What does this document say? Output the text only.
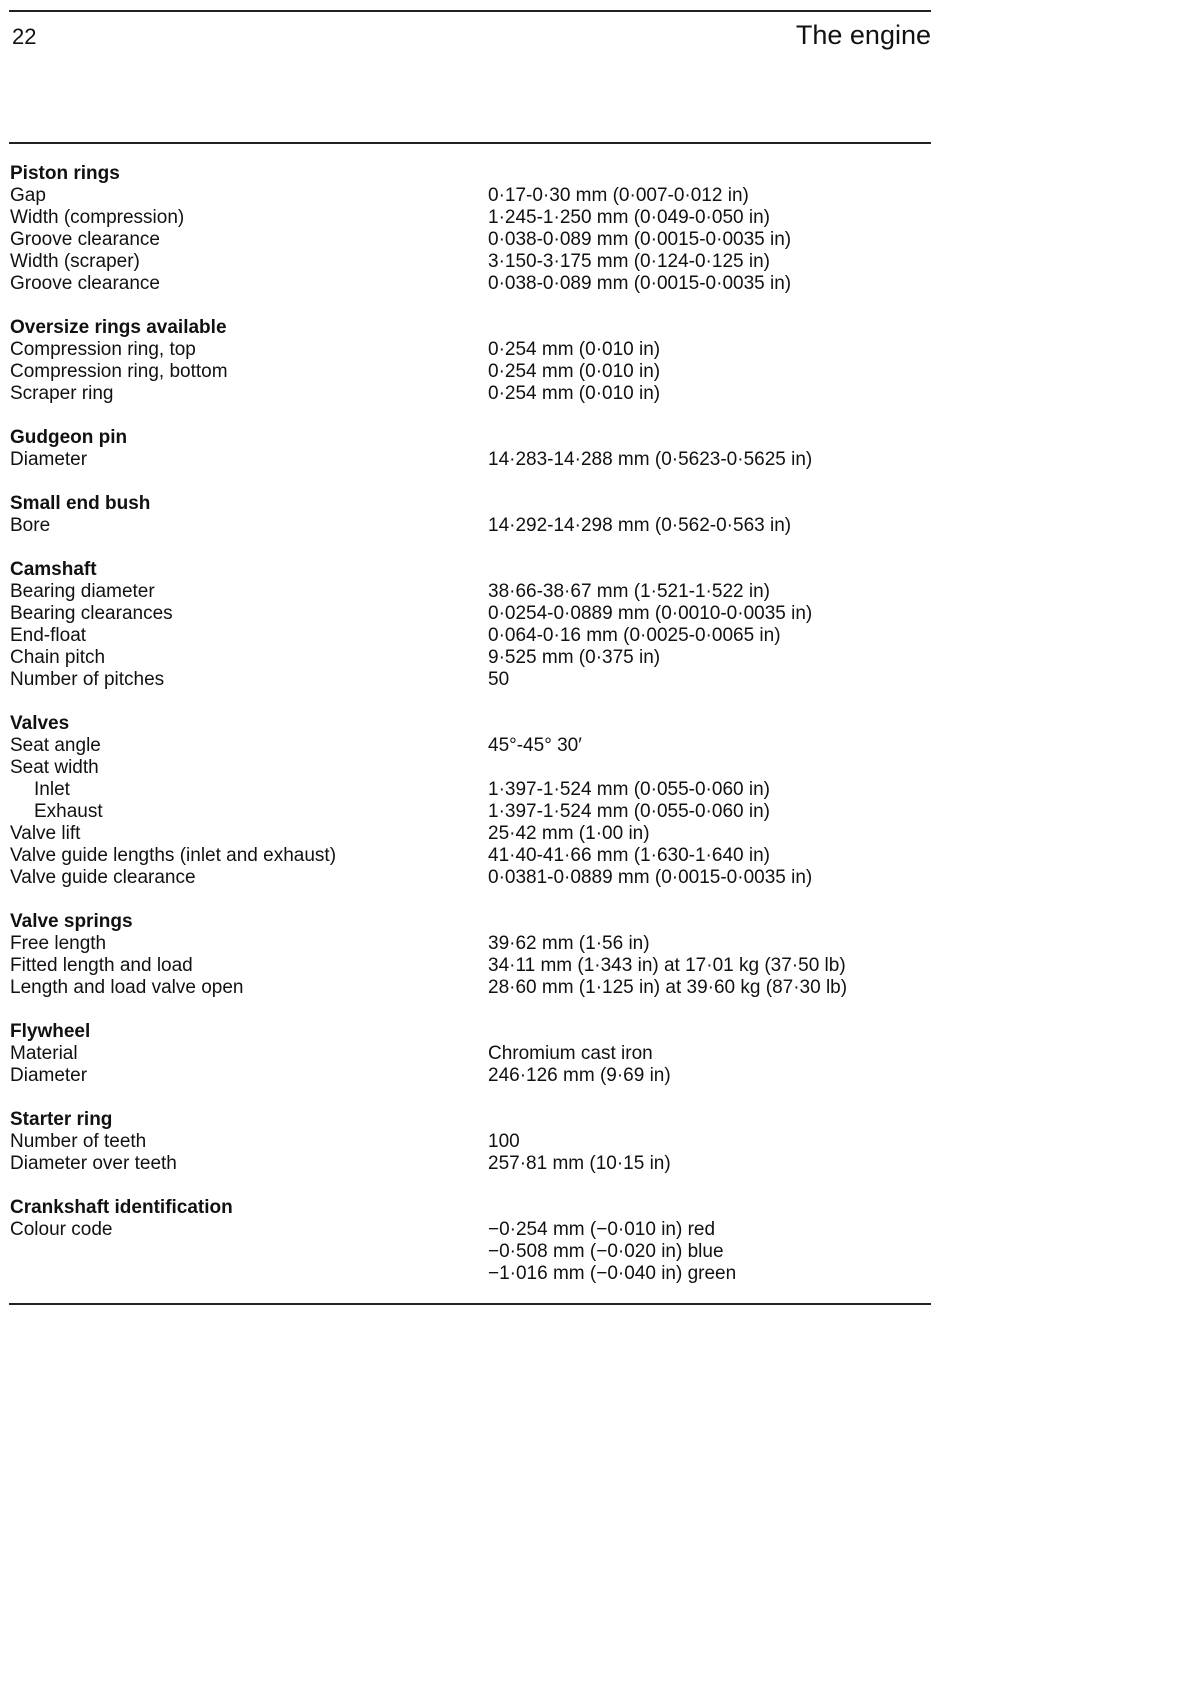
22	The engine
Piston rings
Gap	0·17-0·30 mm (0·007-0·012 in)
Width (compression)	1·245-1·250 mm (0·049-0·050 in)
Groove clearance	0·038-0·089 mm (0·0015-0·0035 in)
Width (scraper)	3·150-3·175 mm (0·124-0·125 in)
Groove clearance	0·038-0·089 mm (0·0015-0·0035 in)
Oversize rings available
Compression ring, top	0·254 mm (0·010 in)
Compression ring, bottom	0·254 mm (0·010 in)
Scraper ring	0·254 mm (0·010 in)
Gudgeon pin
Diameter	14·283-14·288 mm (0·5623-0·5625 in)
Small end bush
Bore	14·292-14·298 mm (0·562-0·563 in)
Camshaft
Bearing diameter	38·66-38·67 mm (1·521-1·522 in)
Bearing clearances	0·0254-0·0889 mm (0·0010-0·0035 in)
End-float	0·064-0·16 mm (0·0025-0·0065 in)
Chain pitch	9·525 mm (0·375 in)
Number of pitches	50
Valves
Seat angle	45°-45° 30′
Seat width
Inlet	1·397-1·524 mm (0·055-0·060 in)
Exhaust	1·397-1·524 mm (0·055-0·060 in)
Valve lift	25·42 mm (1·00 in)
Valve guide lengths (inlet and exhaust)	41·40-41·66 mm (1·630-1·640 in)
Valve guide clearance	0·0381-0·0889 mm (0·0015-0·0035 in)
Valve springs
Free length	39·62 mm (1·56 in)
Fitted length and load	34·11 mm (1·343 in) at 17·01 kg (37·50 lb)
Length and load valve open	28·60 mm (1·125 in) at 39·60 kg (87·30 lb)
Flywheel
Material	Chromium cast iron
Diameter	246·126 mm (9·69 in)
Starter ring
Number of teeth	100
Diameter over teeth	257·81 mm (10·15 in)
Crankshaft identification
Colour code	−0·254 mm (−0·010 in) red
−0·508 mm (−0·020 in) blue
−1·016 mm (−0·040 in) green
